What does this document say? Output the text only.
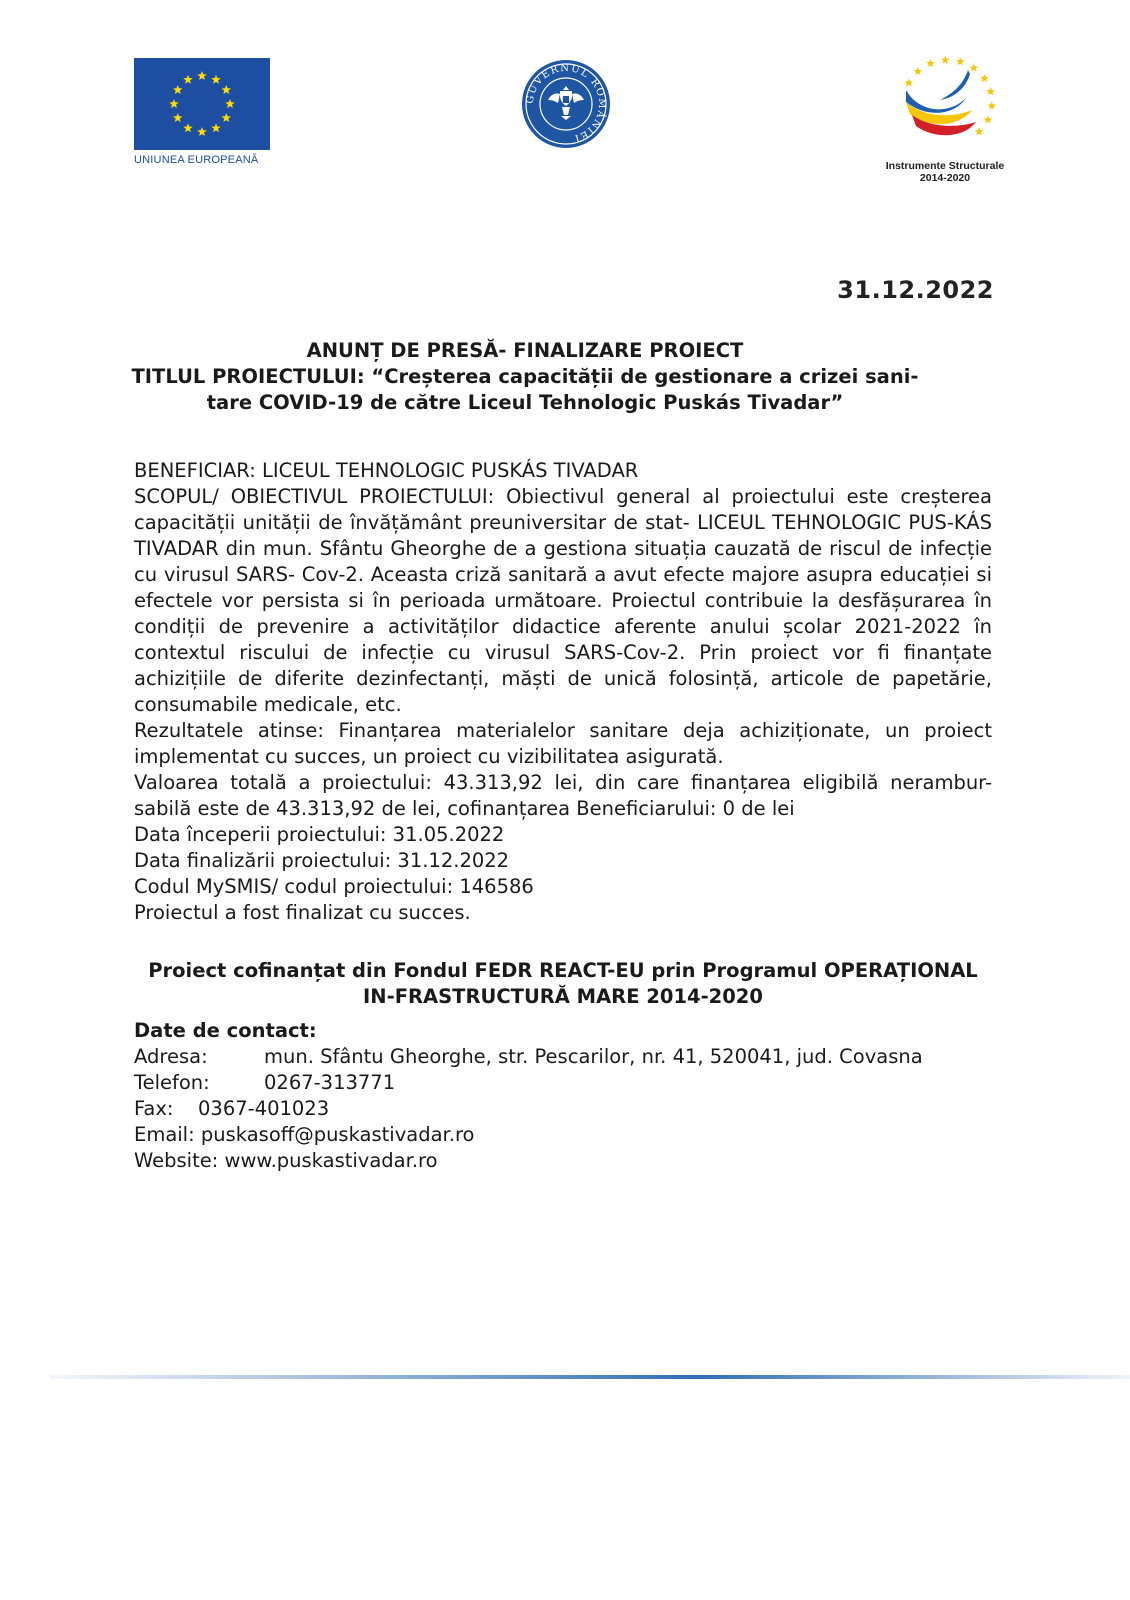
UNIUNEA EUROPEANĂ
GUVERNUL ROMÂNIEI
Instrumente Structurale
2014-2020
31.12.2022
ANUNȚ DE PRESĂ- FINALIZARE PROIECT
TITLUL PROIECTULUI: “Creșterea capacității de gestionare a crizei sani-
tare COVID-19 de către Liceul Tehnologic Puskás Tivadar”

BENEFICIAR: LICEUL TEHNOLOGIC PUSKÁS TIVADAR

SCOPUL/ OBIECTIVUL PROIECTULUI: Obiectivul general al proiectului este creșterea capacității unității de învățământ preuniversitar de stat- LICEUL TEHNOLOGIC PUS-KÁS TIVADAR din mun. Sfântu Gheorghe de a gestiona situația cauzată de riscul de infecție cu virusul SARS- Cov-2. Aceasta criză sanitară a avut efecte majore asupra educației si efectele vor persista si în perioada următoare. Proiectul contribuie la desfășurarea în condiții de prevenire a activităților didactice aferente anului școlar 2021-2022 în contextul riscului de infecție cu virusul SARS-Cov-2. Prin proiect vor fi finanțate achizițiile de diferite dezinfectanți, măști de unică folosință, articole de papetărie, consumabile medicale, etc.

Rezultatele atinse: Finanțarea materialelor sanitare deja achiziționate, un proiect implementat cu succes, un proiect cu vizibilitatea asigurată.

Valoarea totală a proiectului: 43.313,92 lei, din care finanțarea eligibilă nerambur-sabilă este de 43.313,92 de lei, cofinanțarea Beneficiarului: 0 de lei

Data începerii proiectului: 31.05.2022

Data finalizării proiectului: 31.12.2022

Codul MySMIS/ codul proiectului: 146586

Proiectul a fost finalizat cu succes.

Proiect cofinanțat din Fondul FEDR REACT-EU prin Programul OPERAȚIONAL
IN-FRASTRUCTURĂ MARE 2014-2020
Date de contact:
Adresa:	mun. Sfântu Gheorghe, str. Pescarilor, nr. 41, 520041, jud. Covasna
Telefon:	0267-313771
Fax: 0367-401023
Email: puskasoff@puskastivadar.ro
Website: www.puskastivadar.ro
